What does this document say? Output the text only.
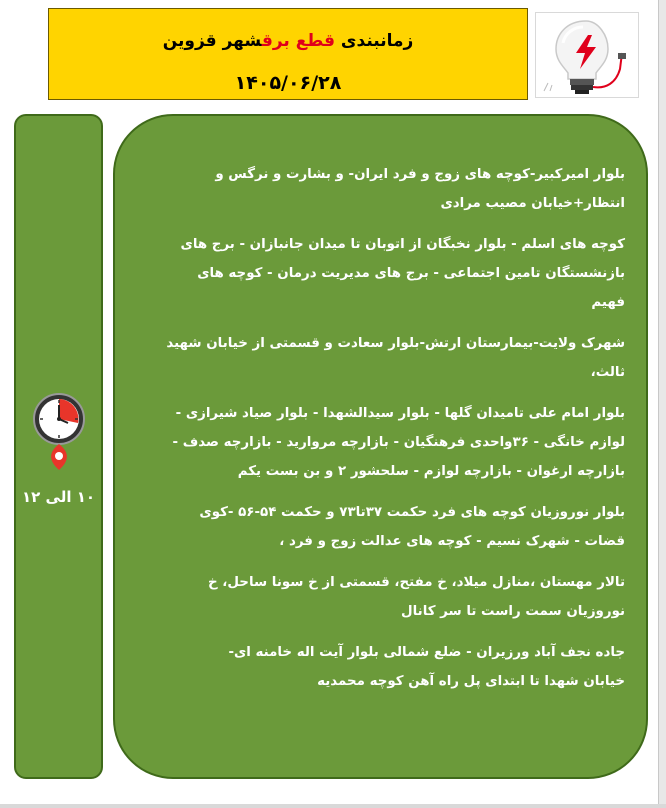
زمانبندی قطع برقشهر قزوین
۱۴۰۵/۰۶/۲۸
۱۰ الی ۱۲
بلوار امیرکبیر-کوچه های زوج و فرد ایران- و بشارت و نرگس و
انتظار+خیابان مصیب مرادی
کوچه های اسلم - بلوار نخبگان از اتوبان تا میدان جانبازان - برج های
بازنشستگان تامین اجتماعی - برج های مدیریت درمان - کوچه های
فهیم
شهرک ولایت-بیمارستان ارتش-بلوار سعادت و قسمتی از خیابان شهید
ثالث،
بلوار امام علی تامیدان گلها - بلوار سیدالشهدا - بلوار صیاد شیرازی -
لوازم خانگی - ۳۶واحدی فرهنگیان - بازارچه مروارید - بازارچه صدف -
بازارچه ارغوان - بازارچه لوازم - سلحشور ۲ و بن بست یکم
بلوار نوروزیان کوچه های فرد حکمت ۳۷تا۷۳ و حکمت ۵۴-۵۶ -کوی
قضات - شهرک نسیم - کوچه های عدالت زوج و فرد ،
تالار مهستان ،منازل میلاد، خ مفتح، قسمتی از خ سونا ساحل، خ
نوروزیان سمت راست تا سر کانال
جاده نجف آباد ورزیران - ضلع شمالی بلوار آیت اله خامنه ای-
خیابان شهدا تا ابتدای پل راه آهن کوچه محمدیه
